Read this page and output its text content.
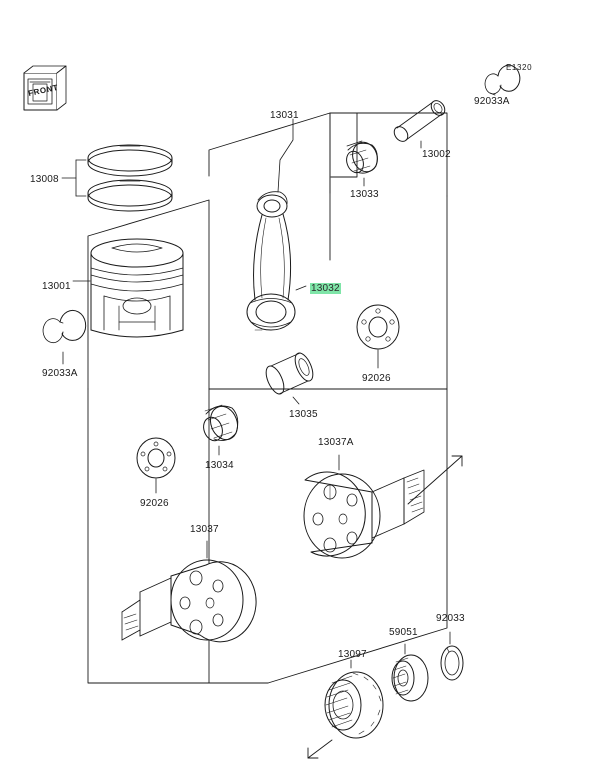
FRONT
E1320
13008
13001
92033A
13031
13033
13002
92033A
13032
92026
13035
13034
92026
13037A
13037
13097
59051
92033
